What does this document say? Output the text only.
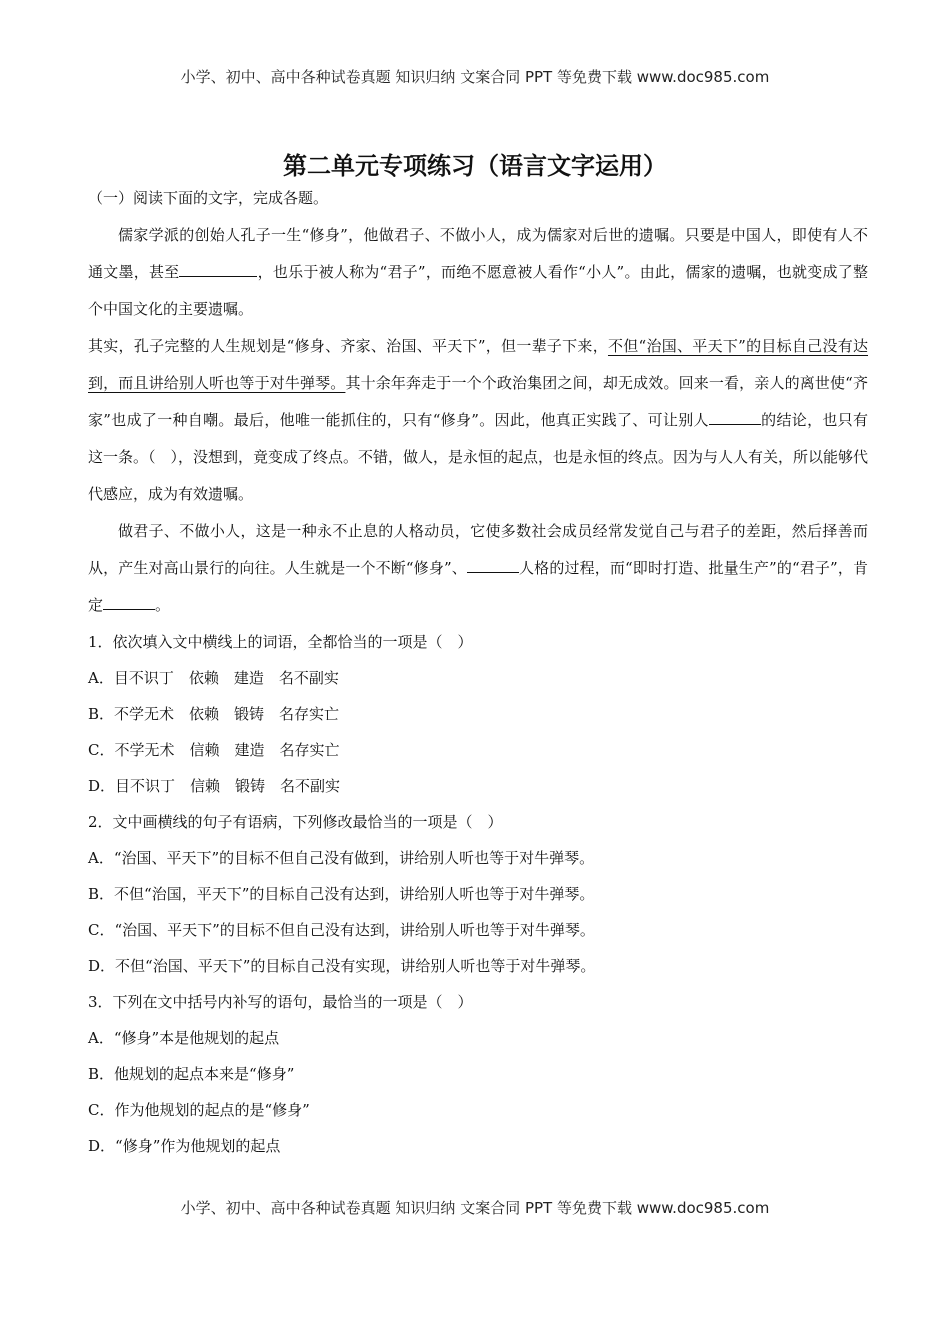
小学、初中、高中各种试卷真题 知识归纳 文案合同 PPT 等免费下载 www.doc985.com
第二单元专项练习（语言文字运用）
（一）阅读下面的文字，完成各题。

儒家学派的创始人孔子一生“修身”，他做君子、不做小人，成为儒家对后世的遗嘱。只要是中国人，即使有人不通文墨，甚至	，也乐于被人称为“君子”，而绝不愿意被人看作“小人”。由此，儒家的遗嘱，也就变成了整个中国文化的主要遗嘱。

其实，孔子完整的人生规划是“修身、齐家、治国、平天下”，但一辈子下来，不但“治国、平天下”的目标自己没有达到，而且讲给别人听也等于对牛弹琴。其十余年奔走于一个个政治集团之间，却无成效。回来一看，亲人的离世使“齐家”也成了一种自嘲。最后，他唯一能抓住的，只有“修身”。因此，他真正实践了、可让别人	的结论，也只有这一条。（　），没想到，竟变成了终点。不错，做人，是永恒的起点，也是永恒的终点。因为与人人有关，所以能够代代感应，成为有效遗嘱。

做君子、不做小人，这是一种永不止息的人格动员，它使多数社会成员经常发觉自己与君子的差距，然后择善而从，产生对高山景行的向往。人生就是一个不断“修身”、	人格的过程，而“即时打造、批量生产”的“君子”，肯定	。

1．依次填入文中横线上的词语，全都恰当的一项是（　）
A．目不识丁　依赖　建造　名不副实
B．不学无术　依赖　锻铸　名存实亡
C．不学无术　信赖　建造　名存实亡
D．目不识丁　信赖　锻铸　名不副实
2．文中画横线的句子有语病，下列修改最恰当的一项是（　）
A．“治国、平天下”的目标不但自己没有做到，讲给别人听也等于对牛弹琴。
B．不但“治国，平天下”的目标自己没有达到，讲给别人听也等于对牛弹琴。
C．“治国、平天下”的目标不但自己没有达到，讲给别人听也等于对牛弹琴。
D．不但“治国、平天下”的目标自己没有实现，讲给别人听也等于对牛弹琴。
3．下列在文中括号内补写的语句，最恰当的一项是（　）
A．“修身”本是他规划的起点
B．他规划的起点本来是“修身”
C．作为他规划的起点的是“修身”
D．“修身”作为他规划的起点
小学、初中、高中各种试卷真题 知识归纳 文案合同 PPT 等免费下载 www.doc985.com
